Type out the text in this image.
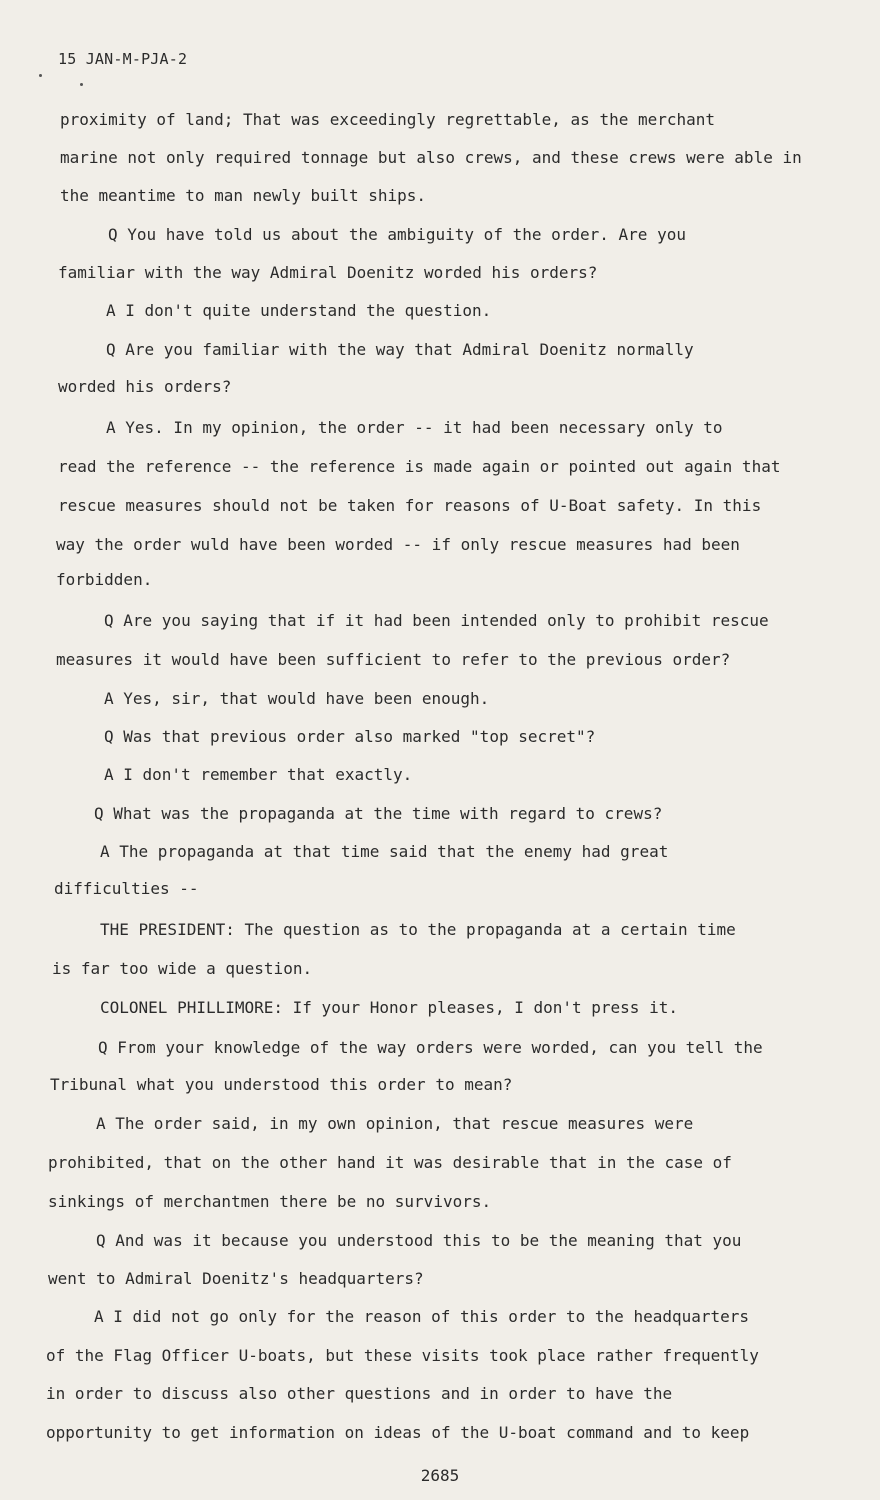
15 JAN-M-PJA-2
proximity of land; That was exceedingly regrettable, as the merchant
marine not only required tonnage but also crews, and these crews were able in
the meantime to man newly built ships.
Q You have told us about the ambiguity of the order. Are you
familiar with the way Admiral Doenitz worded his orders?
A I don't quite understand the question.
Q Are you familiar with the way that Admiral Doenitz normally
worded his orders?
A Yes. In my opinion, the order -- it had been necessary only to
read the reference -- the reference is made again or pointed out again that
rescue measures should not be taken for reasons of U-Boat safety. In this
way the order wuld have been worded -- if only rescue measures had been
forbidden.
Q Are you saying that if it had been intended only to prohibit rescue
measures it would have been sufficient to refer to the previous order?
A Yes, sir, that would have been enough.
Q Was that previous order also marked "top secret"?
A I don't remember that exactly.
Q What was the propaganda at the time with regard to crews?
A The propaganda at that time said that the enemy had great
difficulties --
THE PRESIDENT: The question as to the propaganda at a certain time
is far too wide a question.
COLONEL PHILLIMORE: If your Honor pleases, I don't press it.
Q From your knowledge of the way orders were worded, can you tell the
Tribunal what you understood this order to mean?
A The order said, in my own opinion, that rescue measures were
prohibited, that on the other hand it was desirable that in the case of
sinkings of merchantmen there be no survivors.
Q And was it because you understood this to be the meaning that you
went to Admiral Doenitz's headquarters?
A I did not go only for the reason of this order to the headquarters
of the Flag Officer U-boats, but these visits took place rather frequently
in order to discuss also other questions and in order to have the
opportunity to get information on ideas of the U-boat command and to keep
2685
